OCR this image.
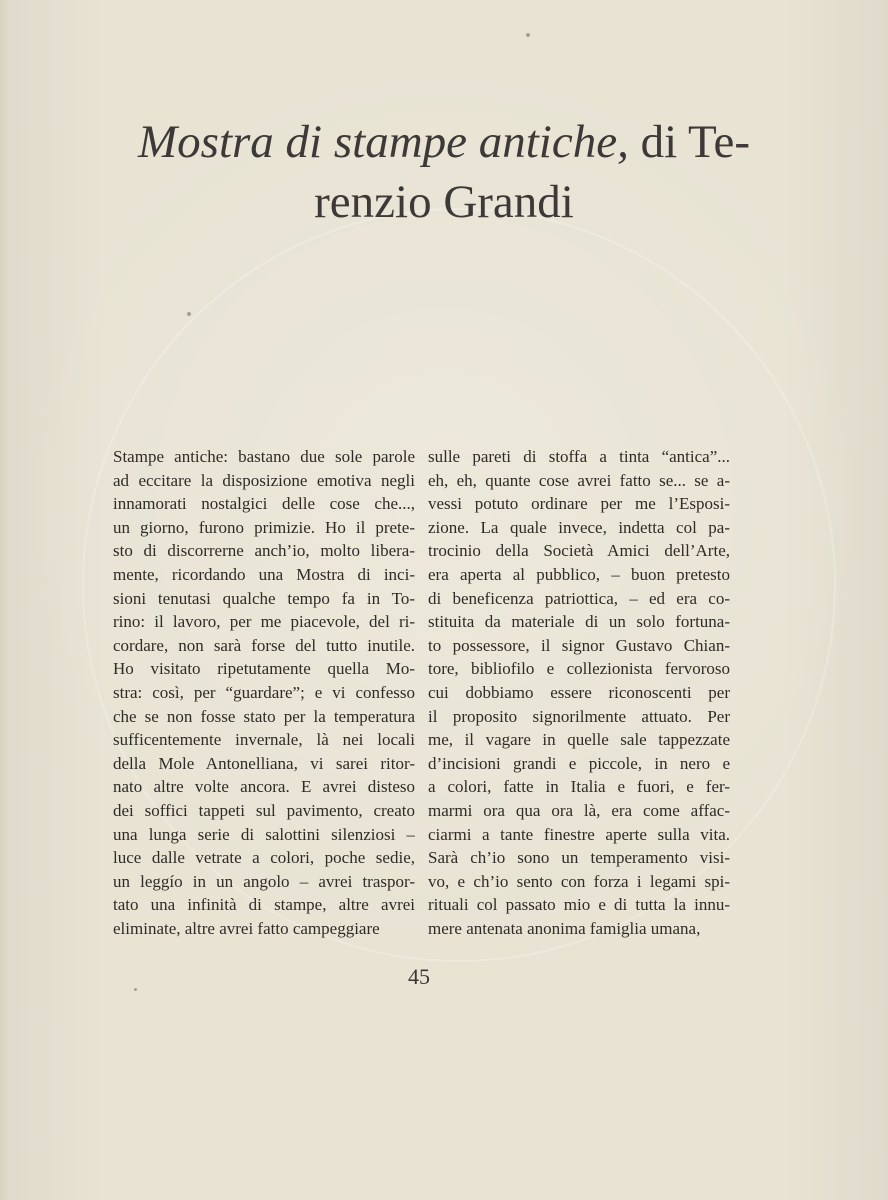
Mostra di stampe antiche, di Te-
renzio Grandi
Stampe antiche: bastano due sole parole
ad eccitare la disposizione emotiva negli
innamorati nostalgici delle cose che...,
un giorno, furono primizie. Ho il prete-
sto di discorrerne anch’io, molto libera-
mente, ricordando una Mostra di inci-
sioni tenutasi qualche tempo fa in To-
rino: il lavoro, per me piacevole, del ri-
cordare, non sarà forse del tutto inutile.
Ho visitato ripetutamente quella Mo-
stra: così, per “guardare”; e vi confesso
che se non fosse stato per la temperatura
sufficentemente invernale, là nei locali
della Mole Antonelliana, vi sarei ritor-
nato altre volte ancora. E avrei disteso
dei soffici tappeti sul pavimento, creato
una lunga serie di salottini silenziosi –
luce dalle vetrate a colori, poche sedie,
un leggío in un angolo – avrei traspor-
tato una infinità di stampe, altre avrei
eliminate, altre avrei fatto campeggiare
sulle pareti di stoffa a tinta “antica”...
eh, eh, quante cose avrei fatto se... se a-
vessi potuto ordinare per me l’Esposi-
zione. La quale invece, indetta col pa-
trocinio della Società Amici dell’Arte,
era aperta al pubblico, – buon pretesto
di beneficenza patriottica, – ed era co-
stituita da materiale di un solo fortuna-
to possessore, il signor Gustavo Chian-
tore, bibliofilo e collezionista fervoroso
cui dobbiamo essere riconoscenti per
il proposito signorilmente attuato. Per
me, il vagare in quelle sale tappezzate
d’incisioni grandi e piccole, in nero e
a colori, fatte in Italia e fuori, e fer-
marmi ora qua ora là, era come affac-
ciarmi a tante finestre aperte sulla vita.
Sarà ch’io sono un temperamento visi-
vo, e ch’io sento con forza i legami spi-
rituali col passato mio e di tutta la innu-
mere antenata anonima famiglia umana,
45
